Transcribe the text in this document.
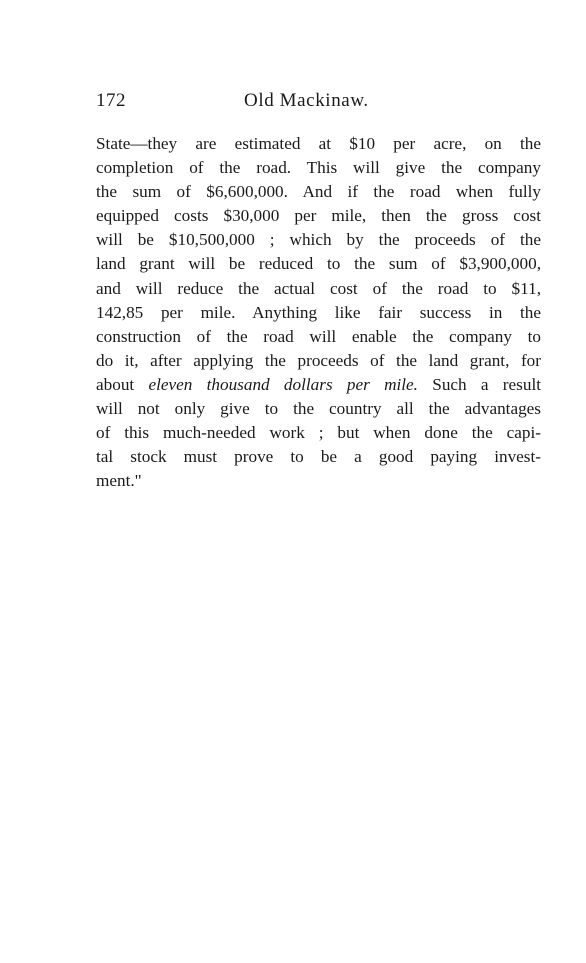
172	Old Mackinaw.
State—they are estimated at $10 per acre, on the
completion of the road. This will give the company
the sum of $6,600,000. And if the road when fully
equipped costs $30,000 per mile, then the gross cost
will be $10,500,000 ; which by the proceeds of the
land grant will be reduced to the sum of $3,900,000,
and will reduce the actual cost of the road to $11,
142,85 per mile. Anything like fair success in the
construction of the road will enable the company to
do it, after applying the proceeds of the land grant, for
about eleven thousand dollars per mile. Such a result
will not only give to the country all the advantages
of this much-needed work ; but when done the capi-
tal stock must prove to be a good paying invest-
ment."
